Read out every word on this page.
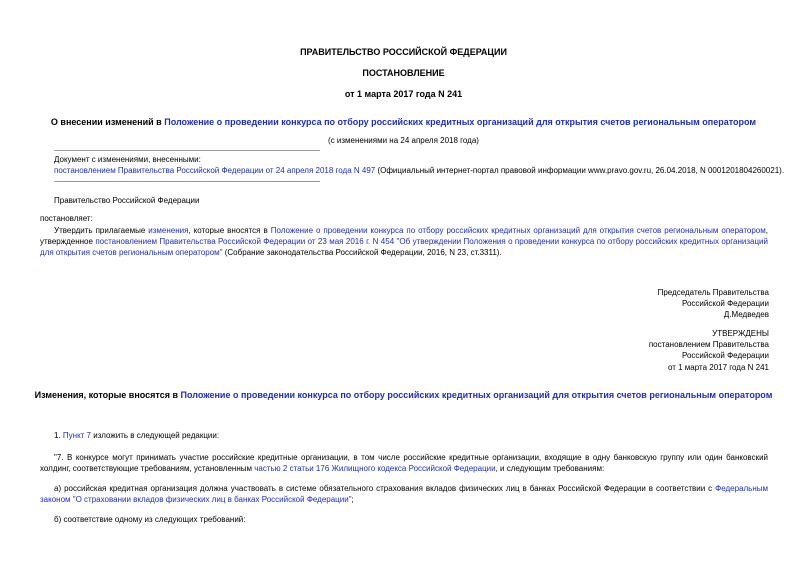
ПРАВИТЕЛЬСТВО РОССИЙСКОЙ ФЕДЕРАЦИИ
ПОСТАНОВЛЕНИЕ
от 1 марта 2017 года N 241
О внесении изменений в Положение о проведении конкурса по отбору российских кредитных организаций для открытия счетов региональным оператором
(с изменениями на 24 апреля 2018 года)
Документ с изменениями, внесенными:
постановлением Правительства Российской Федерации от 24 апреля 2018 года N 497 (Официальный интернет-портал правовой информации www.pravo.gov.ru, 26.04.2018, N 0001201804260021).
Правительство Российской Федерации
постановляет:

Утвердить прилагаемые изменения, которые вносятся в Положение о проведении конкурса по отбору российских кредитных организаций для открытия счетов региональным оператором, утвержденное постановлением Правительства Российской Федерации от 23 мая 2016 г. N 454 "Об утверждении Положения о проведении конкурса по отбору российских кредитных организаций для открытия счетов региональным оператором" (Собрание законодательства Российской Федерации, 2016, N 23, ст.3311).

Председатель Правительства
Российской Федерации
Д.Медведев
УТВЕРЖДЕНЫ
постановлением Правительства
Российской Федерации
от 1 марта 2017 года N 241
Изменения, которые вносятся в Положение о проведении конкурса по отбору российских кредитных организаций для открытия счетов региональным оператором
1. Пункт 7 изложить в следующей редакции:

"7. В конкурсе могут принимать участие российские кредитные организации, в том числе российские кредитные организации, входящие в одну банковскую группу или один банковский холдинг, соответствующие требованиям, установленным частью 2 статьи 176 Жилищного кодекса Российской Федерации, и следующим требованиям:

а) российская кредитная организация должна участвовать в системе обязательного страхования вкладов физических лиц в банках Российской Федерации в соответствии с Федеральным законом "О страховании вкладов физических лиц в банках Российской Федерации";

б) соответствие одному из следующих требований:
